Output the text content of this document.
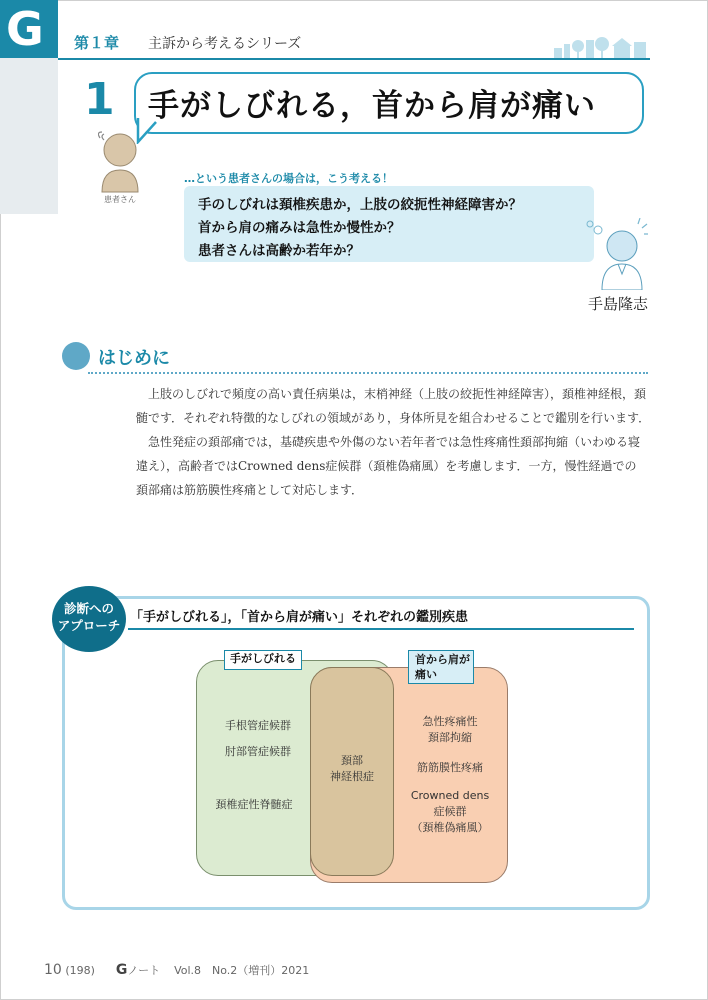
G 第１章 主訴から考えるシリーズ
1 手がしびれる，首から肩が痛い
患者さん
…という患者さんの場合は，こう考える！
手のしびれは頚椎疾患か，上肢の絞扼性神経障害か？
首から肩の痛みは急性か慢性か？
患者さんは高齢か若年か？
手島隆志
はじめに
上肢のしびれで頻度の高い責任病巣は，末梢神経（上肢の絞扼性神経障害），頚椎神経根，頚
髄です．それぞれ特徴的なしびれの領域があり，身体所見を組合わせることで鑑別を行います．
急性発症の頚部痛では，基礎疾患や外傷のない若年者では急性疼痛性頚部拘縮（いわゆる寝
違え），高齢者ではCrowned dens症候群（頚椎偽痛風）を考慮します．一方，慢性経過での
頚部痛は筋筋膜性疼痛として対応します．
診断への
アプローチ
「手がしびれる」，「首から肩が痛い」それぞれの鑑別疾患
手がしびれる	首から肩が
痛い
手根管症候群
肘部管症候群
頚椎症性脊髄症
頚部
神経根症
急性疼痛性
頚部拘縮
筋筋膜性疼痛
Crowned dens
症候群
（頚椎偽痛風）
10 (198) Gノート Vol.8　No.2（増刊）2021
